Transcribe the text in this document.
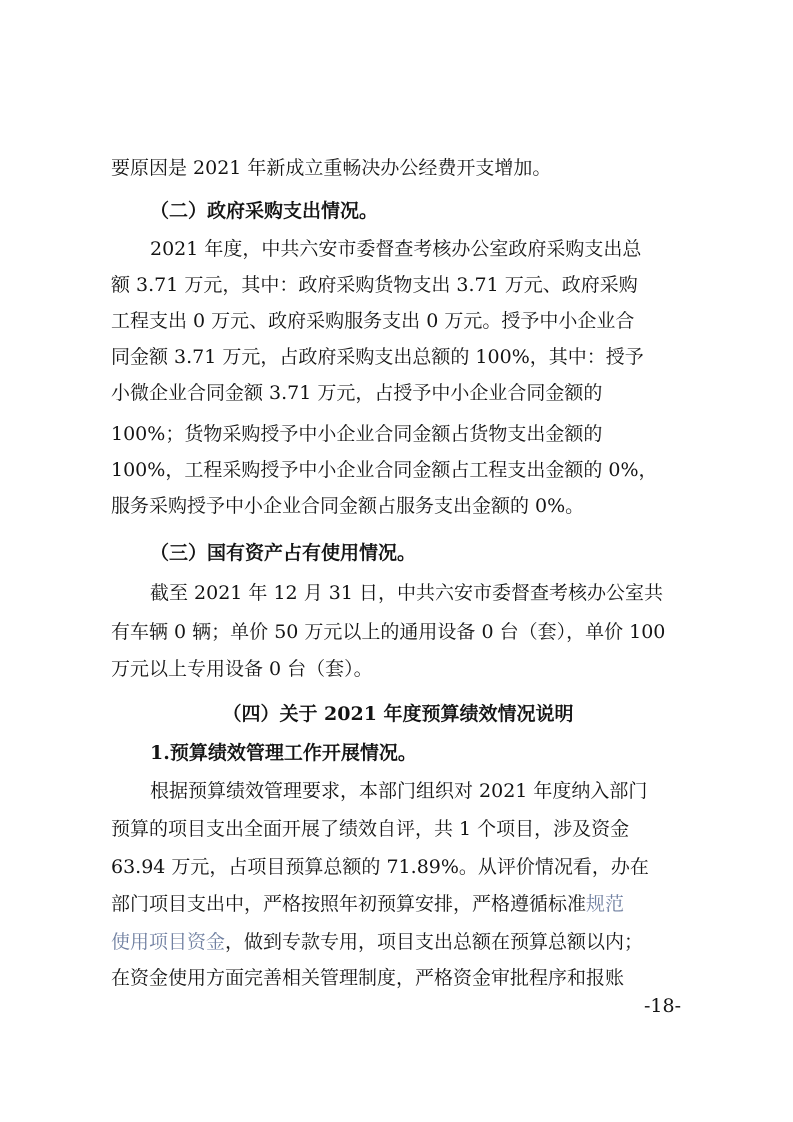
要原因是 2021 年新成立重畅决办公经费开支增加。
（二）政府采购支出情况。
2021 年度，中共六安市委督查考核办公室政府采购支出总
额 3.71 万元，其中：政府采购货物支出 3.71 万元、政府采购
工程支出 0 万元、政府采购服务支出 0 万元。授予中小企业合
同金额 3.71 万元，占政府采购支出总额的 100%，其中：授予
小微企业合同金额 3.71 万元，占授予中小企业合同金额的
100%；货物采购授予中小企业合同金额占货物支出金额的
100%，工程采购授予中小企业合同金额占工程支出金额的 0%，
服务采购授予中小企业合同金额占服务支出金额的 0%。
（三）国有资产占有使用情况。
截至 2021 年 12 月 31 日，中共六安市委督查考核办公室共
有车辆 0 辆；单价 50 万元以上的通用设备 0 台（套），单价 100
万元以上专用设备 0 台（套）。
（四）关于 2021 年度预算绩效情况说明
1.预算绩效管理工作开展情况。
根据预算绩效管理要求，本部门组织对 2021 年度纳入部门
预算的项目支出全面开展了绩效自评，共 1 个项目，涉及资金
63.94 万元，占项目预算总额的 71.89%。从评价情况看，办在
部门项目支出中，严格按照年初预算安排，严格遵循标准规范
使用项目资金，做到专款专用，项目支出总额在预算总额以内；
在资金使用方面完善相关管理制度，严格资金审批程序和报账
-18-
